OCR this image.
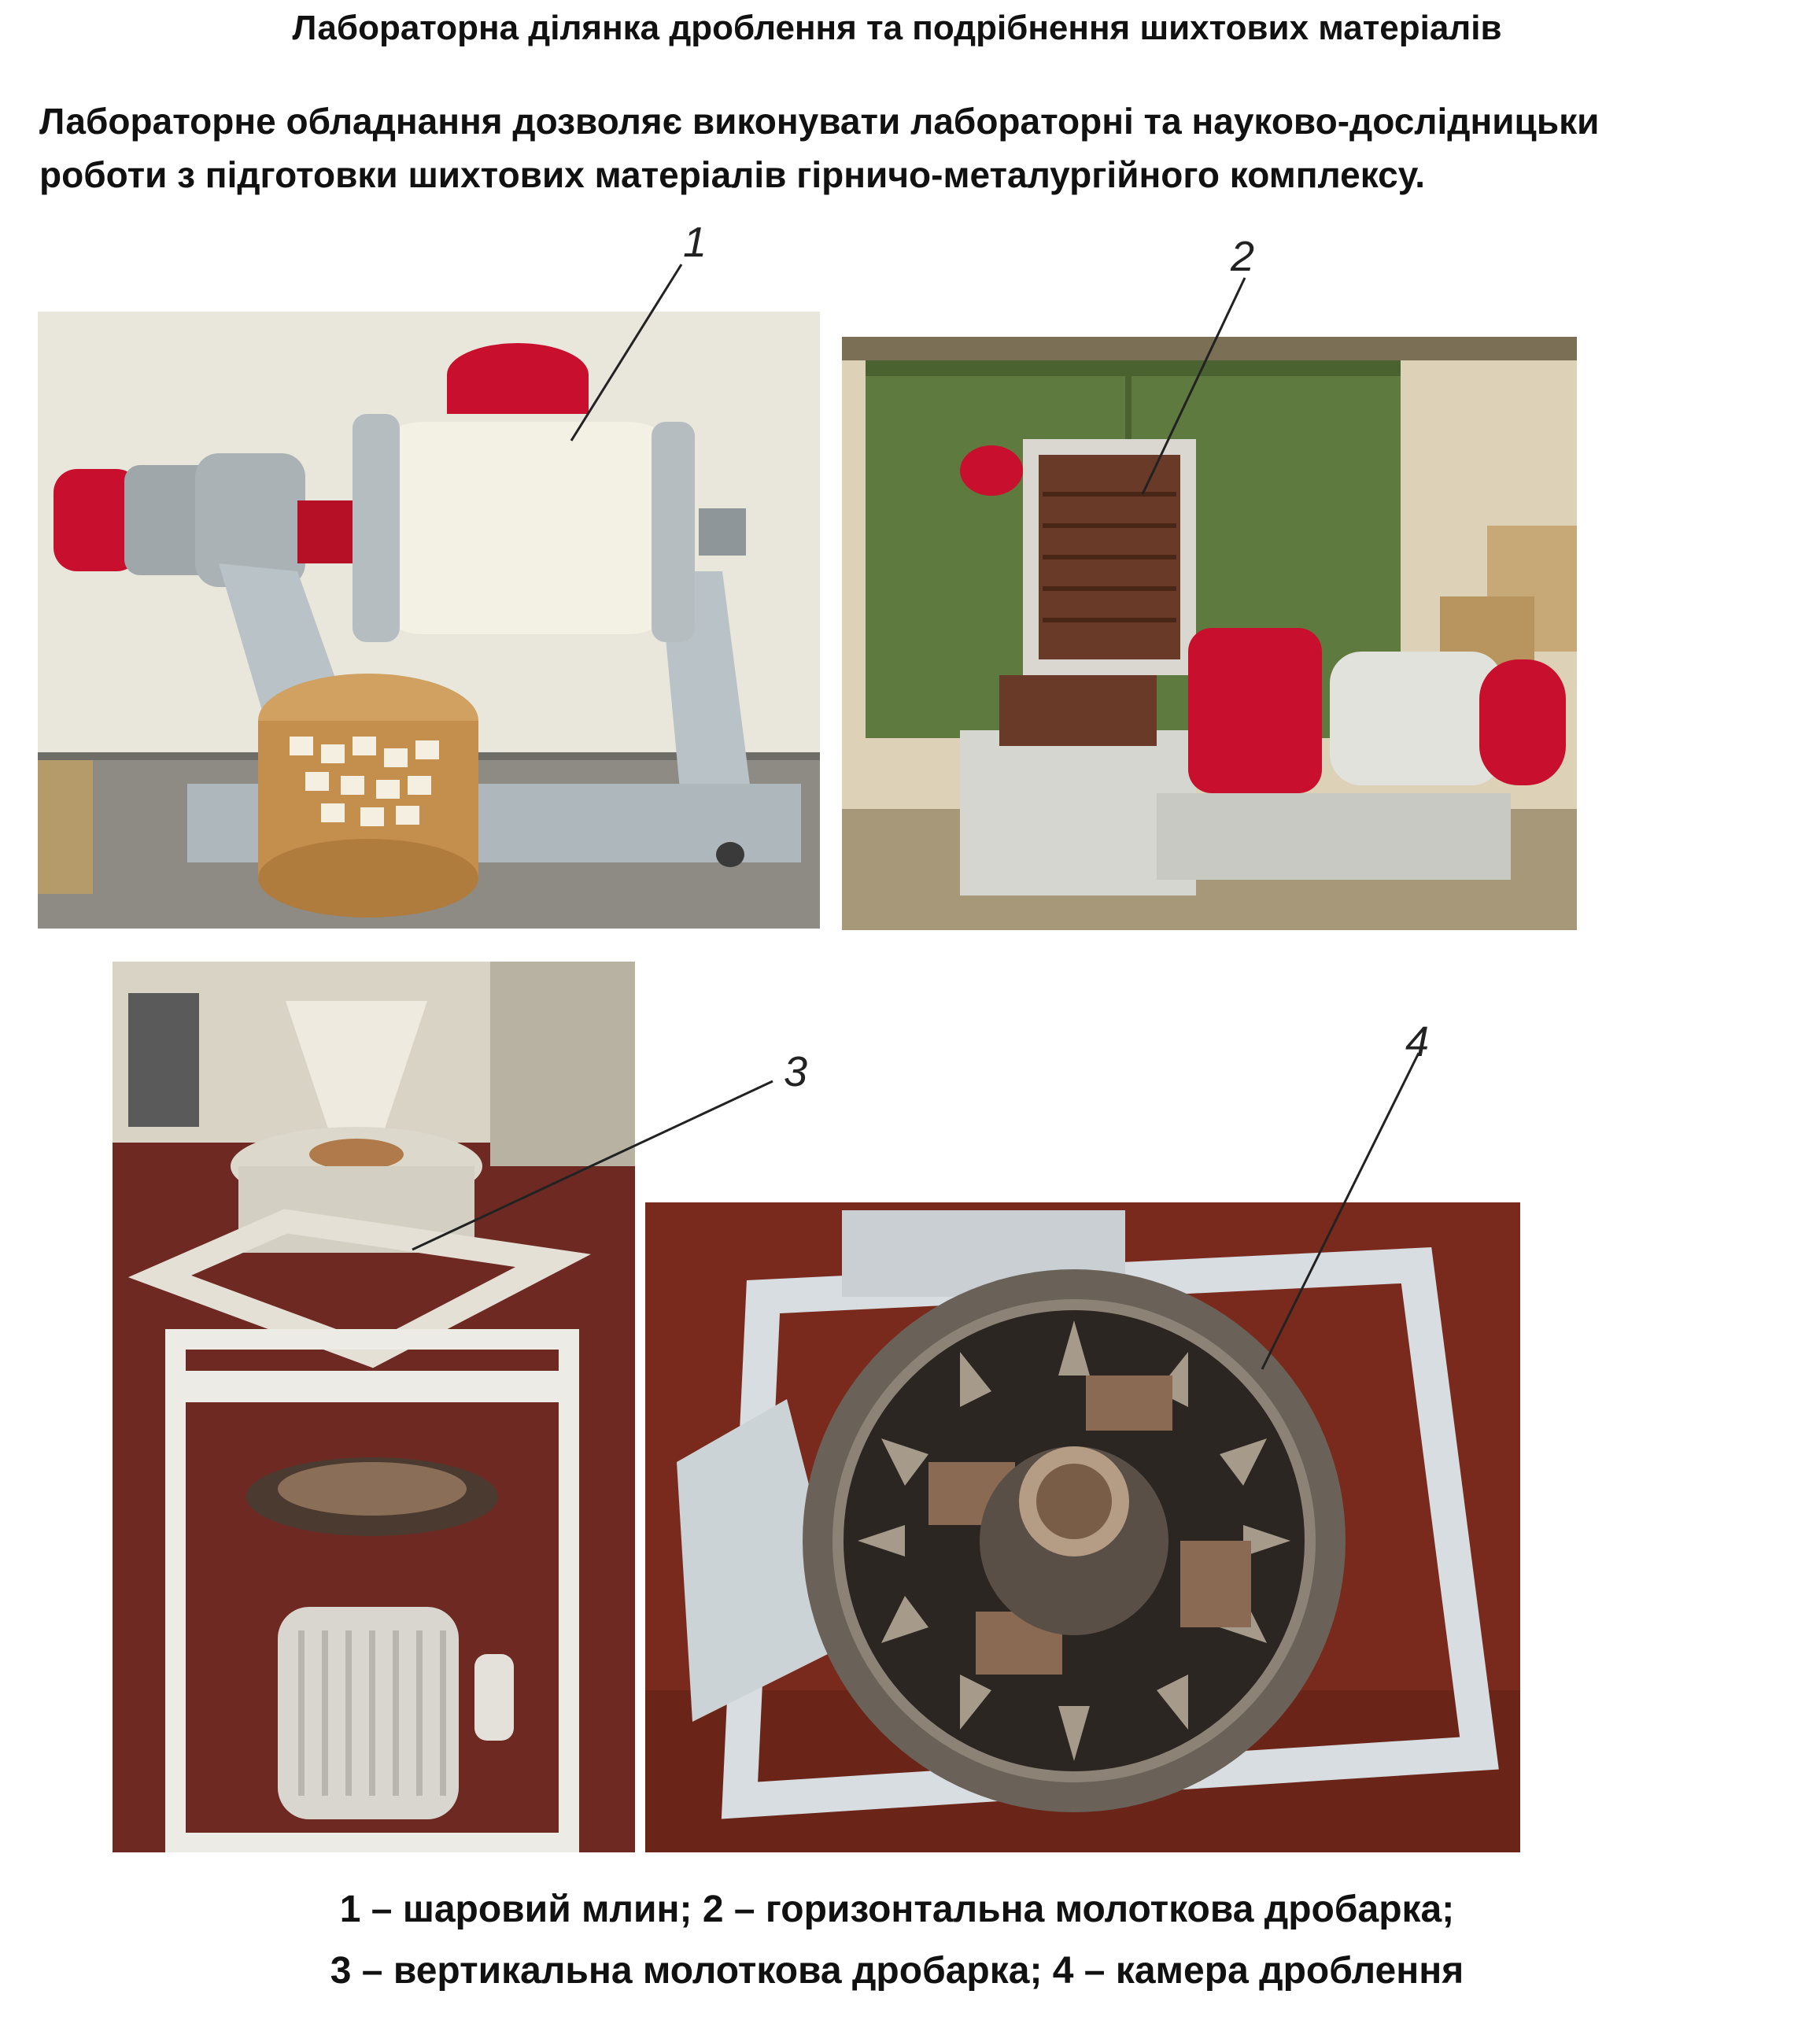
Лабораторна ділянка дроблення та подрібнення шихтових матеріалів
Лабораторне обладнання дозволяє виконувати лабораторні та науково-дослідницьки
роботи з підготовки шихтових матеріалів гірничо-металургійного комплексу.
1	2
3
4
1 – шаровий млин; 2 – горизонтальна молоткова дробарка;
3 – вертикальна молоткова дробарка; 4 – камера дроблення
